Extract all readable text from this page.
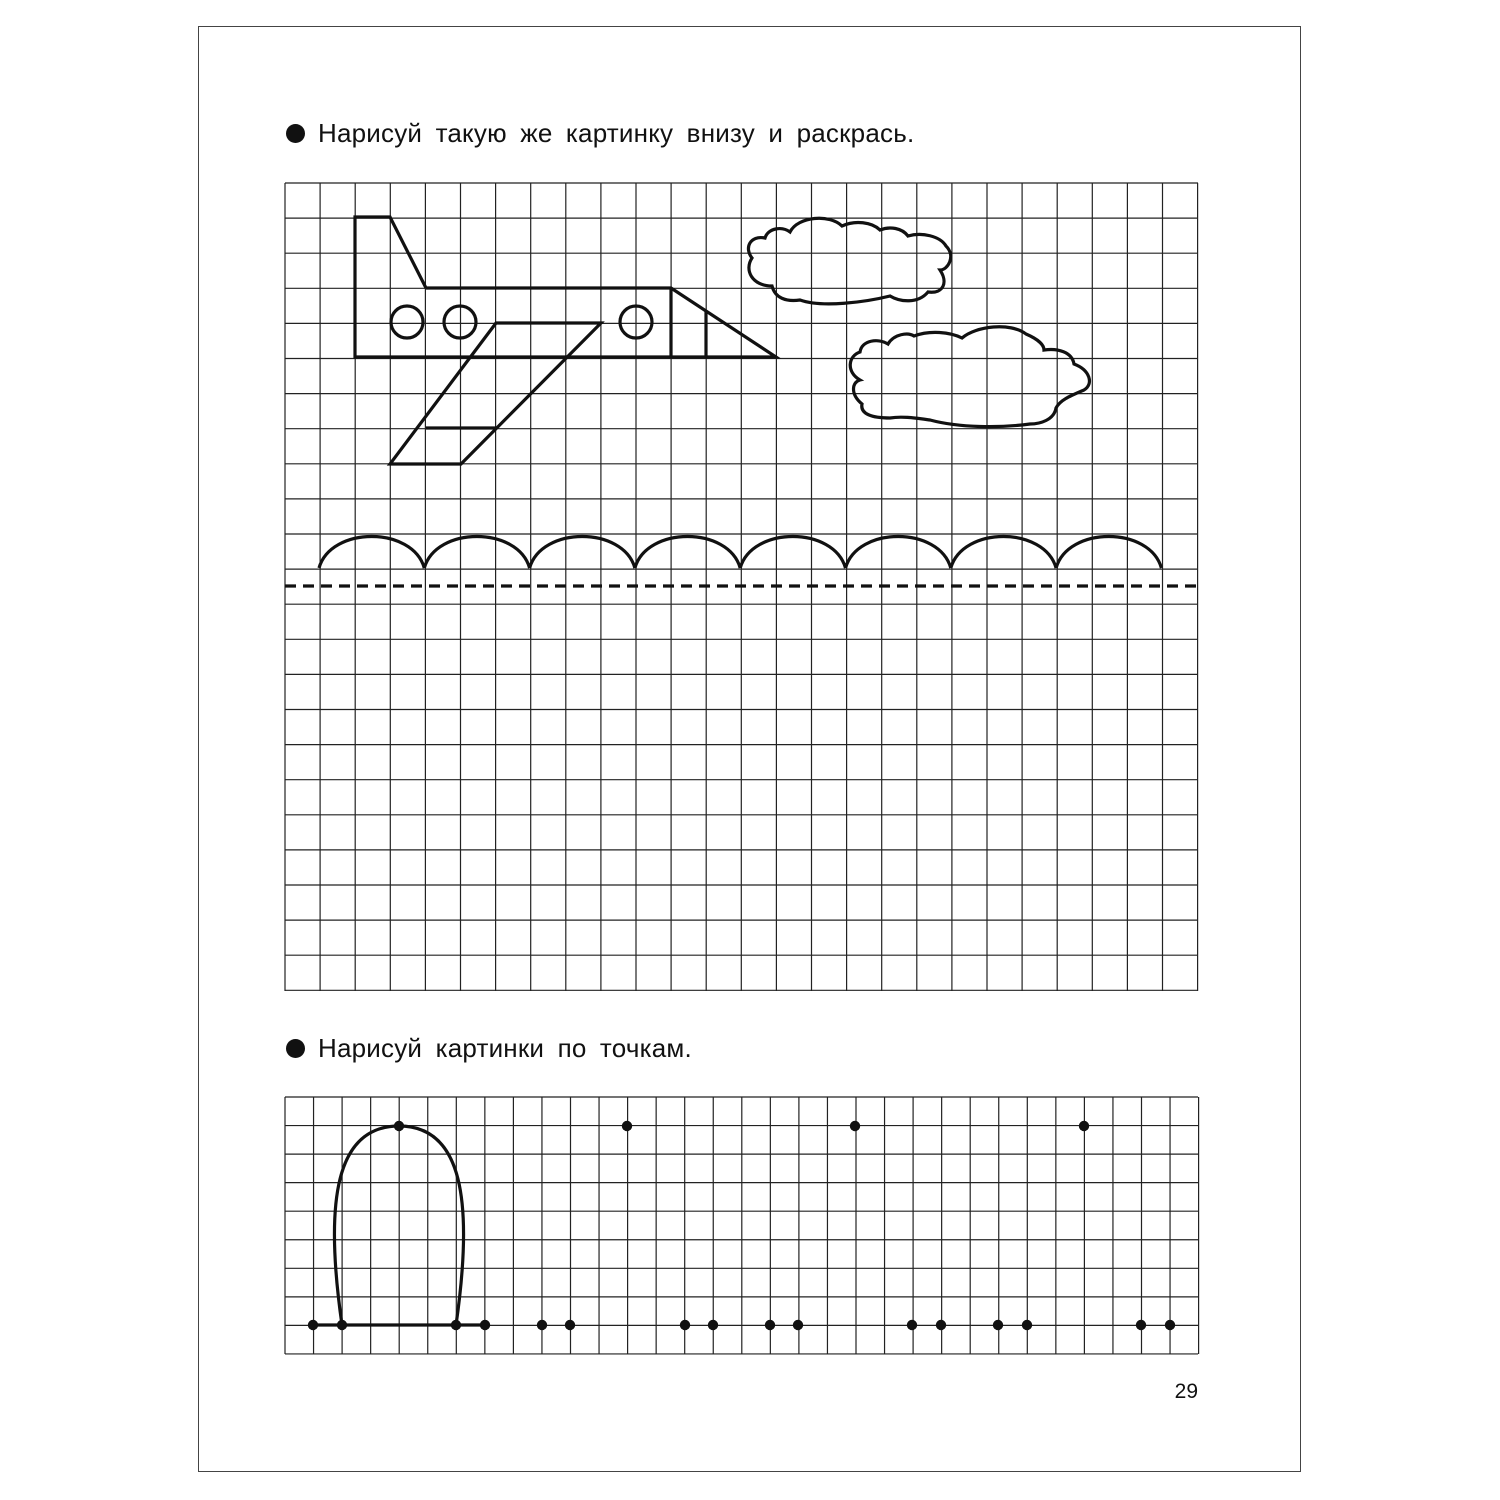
Нарисуй такую же картинку внизу и раскрась.
Нарисуй картинки по точкам.
29
